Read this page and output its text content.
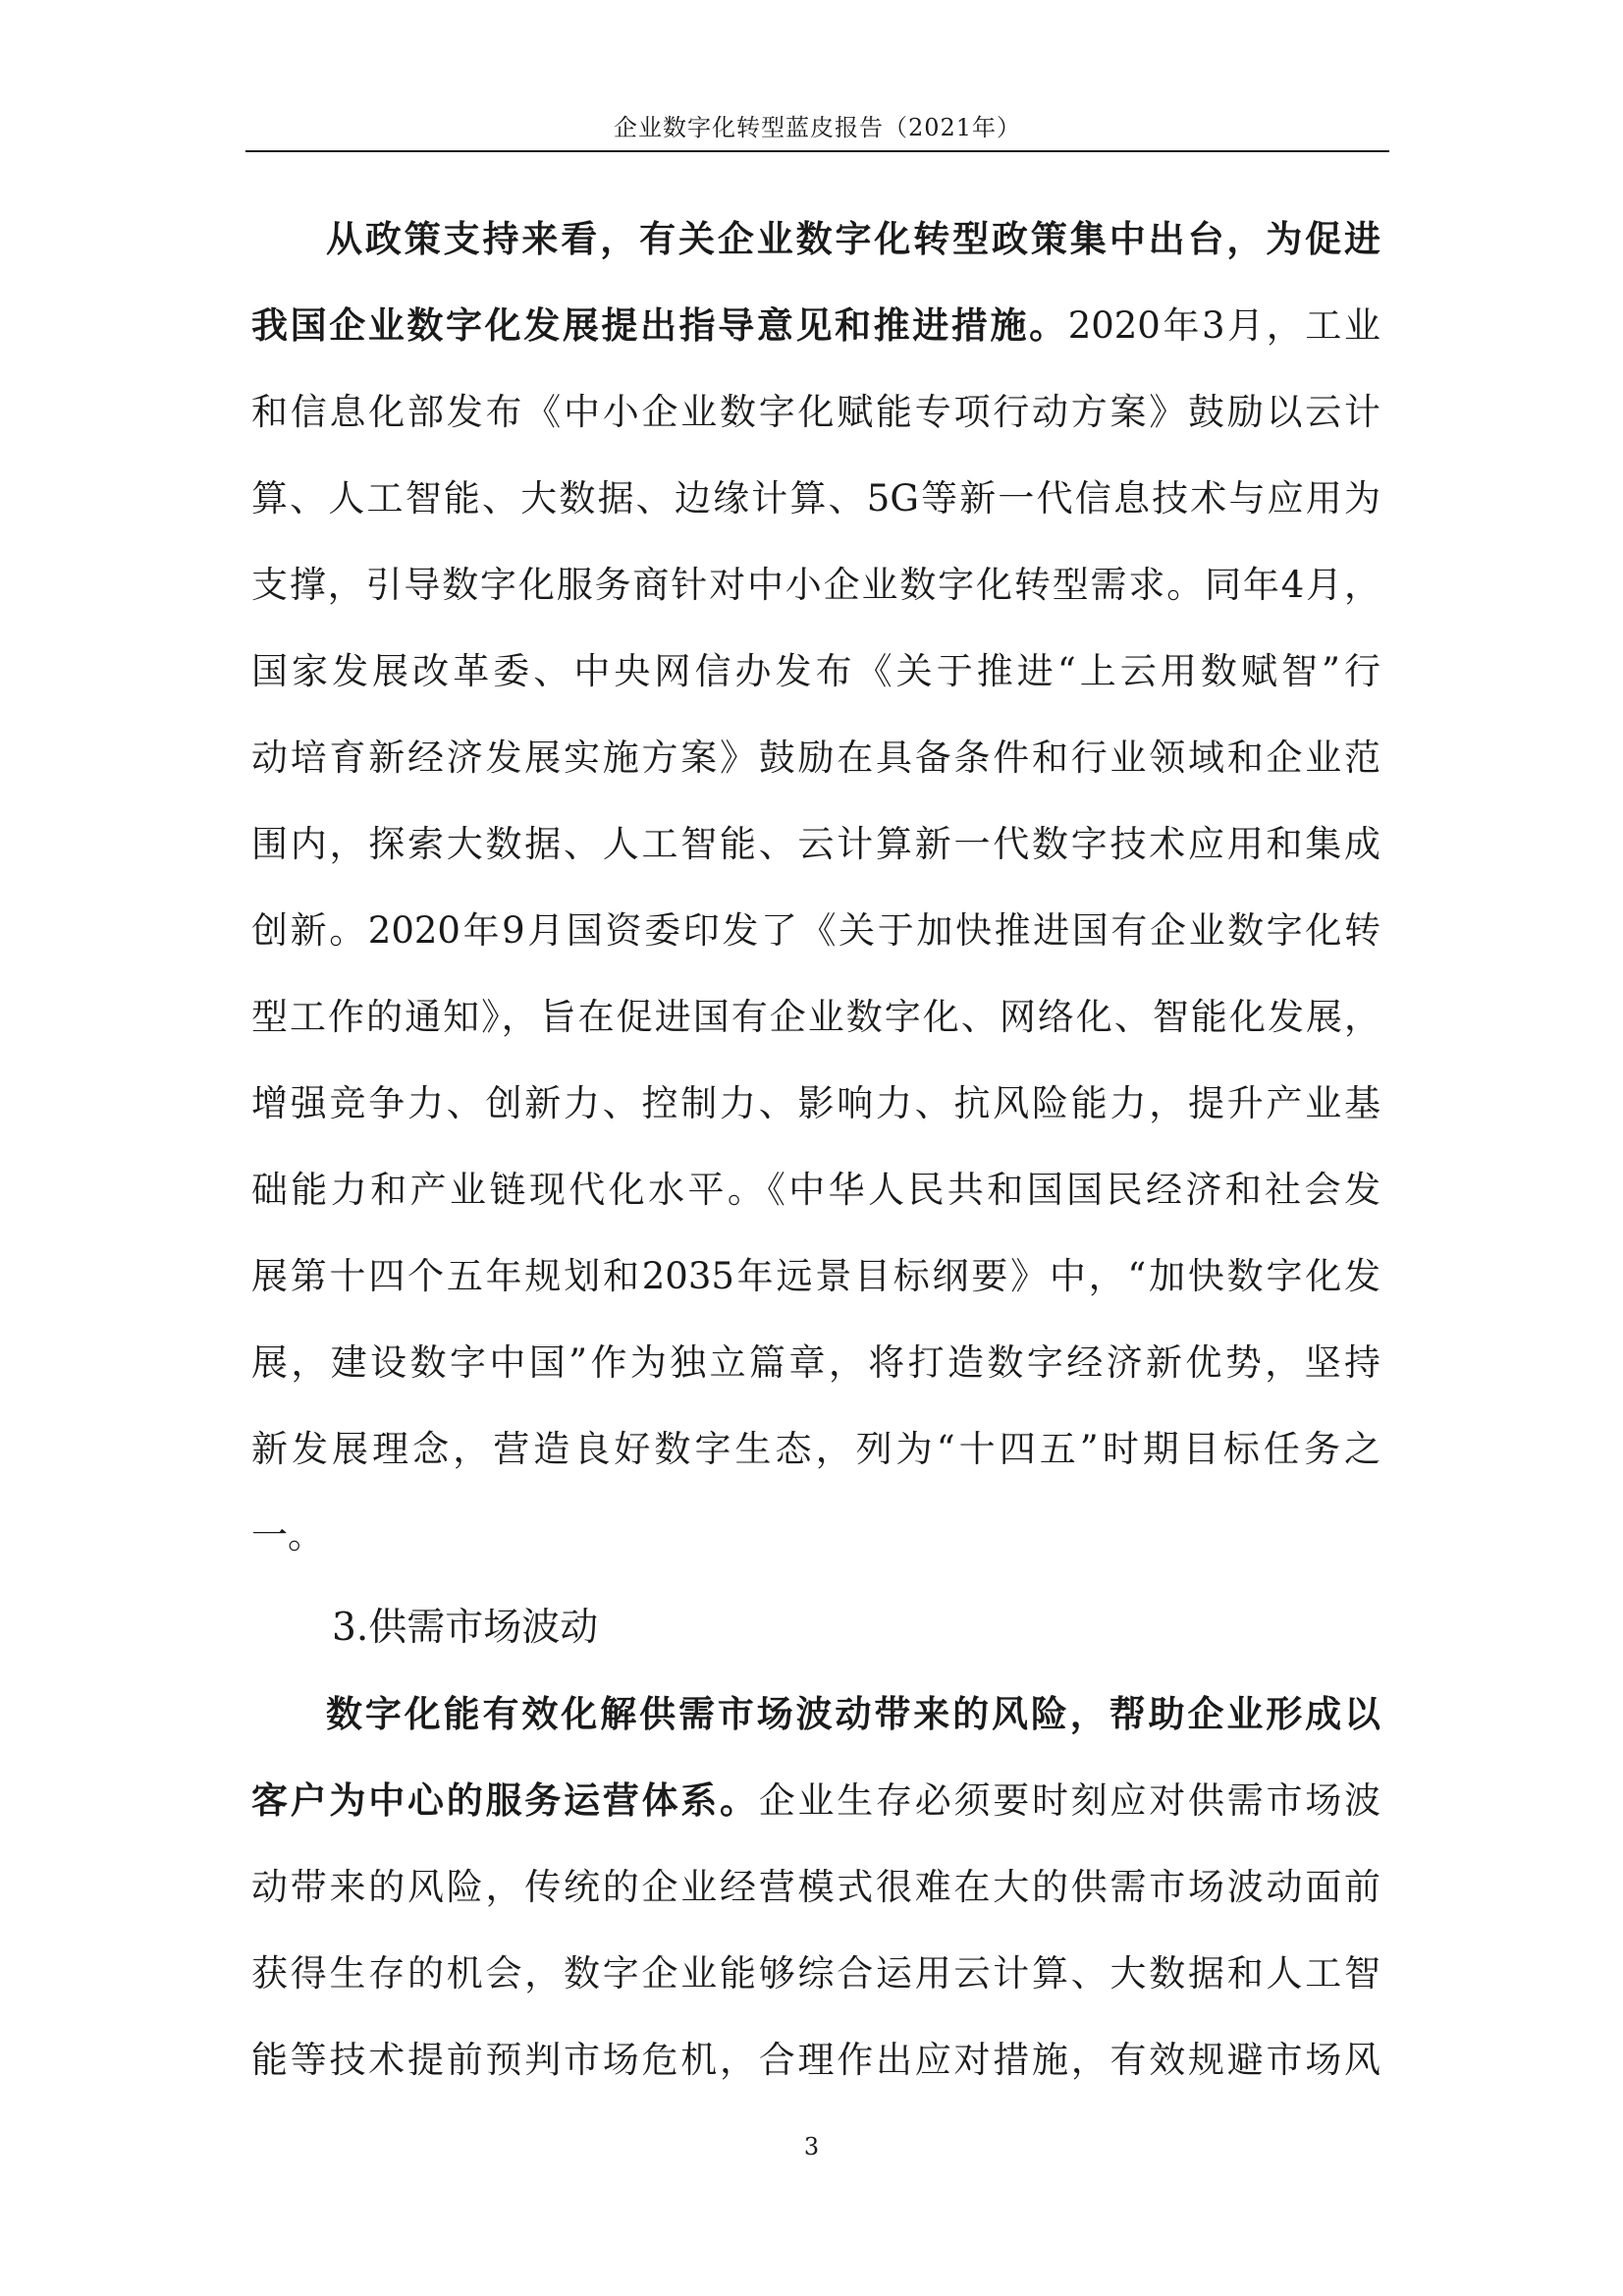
企业数字化转型蓝皮报告（2021年）
从政策支持来看，有关企业数字化转型政策集中出台，为促进
我国企业数字化发展提出指导意见和推进措施。2020年3月，工业
和信息化部发布《中小企业数字化赋能专项行动方案》鼓励以云计
算、人工智能、大数据、边缘计算、5G等新一代信息技术与应用为
支撑，引导数字化服务商针对中小企业数字化转型需求。同年4月，
国家发展改革委、中央网信办发布《关于推进“上云用数赋智”行
动培育新经济发展实施方案》鼓励在具备条件和行业领域和企业范
围内，探索大数据、人工智能、云计算新一代数字技术应用和集成
创新。2020年9月国资委印发了《关于加快推进国有企业数字化转
型工作的通知》，旨在促进国有企业数字化、网络化、智能化发展，
增强竞争力、创新力、控制力、影响力、抗风险能力，提升产业基
础能力和产业链现代化水平。《中华人民共和国国民经济和社会发
展第十四个五年规划和2035年远景目标纲要》中，“加快数字化发
展，建设数字中国”作为独立篇章，将打造数字经济新优势，坚持
新发展理念，营造良好数字生态，列为“十四五”时期目标任务之
一。
3.供需市场波动
数字化能有效化解供需市场波动带来的风险，帮助企业形成以
客户为中心的服务运营体系。企业生存必须要时刻应对供需市场波
动带来的风险，传统的企业经营模式很难在大的供需市场波动面前
获得生存的机会，数字企业能够综合运用云计算、大数据和人工智
能等技术提前预判市场危机，合理作出应对措施，有效规避市场风
3
